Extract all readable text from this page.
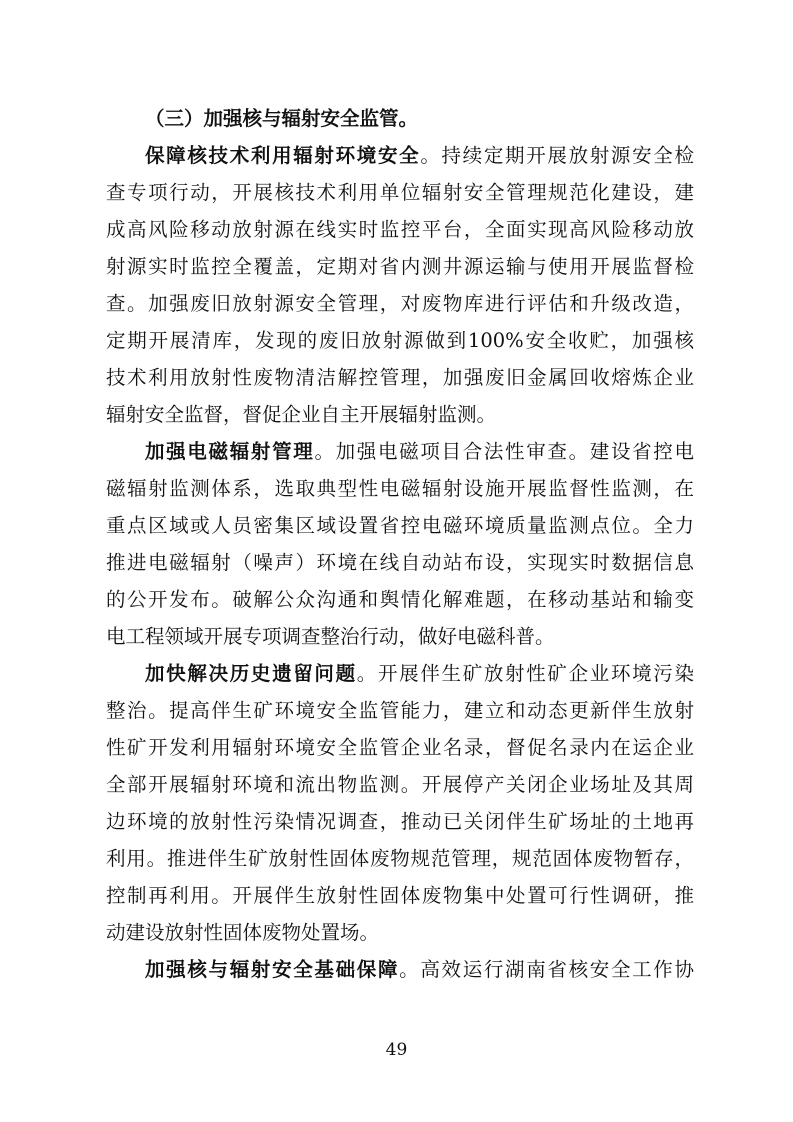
（三）加强核与辐射安全监管。
保障核技术利用辐射环境安全。持续定期开展放射源安全检
查专项行动，开展核技术利用单位辐射安全管理规范化建设，建
成高风险移动放射源在线实时监控平台，全面实现高风险移动放
射源实时监控全覆盖，定期对省内测井源运输与使用开展监督检
查。加强废旧放射源安全管理，对废物库进行评估和升级改造，
定期开展清库，发现的废旧放射源做到100%安全收贮，加强核
技术利用放射性废物清洁解控管理，加强废旧金属回收熔炼企业
辐射安全监督，督促企业自主开展辐射监测。
加强电磁辐射管理。加强电磁项目合法性审查。建设省控电
磁辐射监测体系，选取典型性电磁辐射设施开展监督性监测，在
重点区域或人员密集区域设置省控电磁环境质量监测点位。全力
推进电磁辐射（噪声）环境在线自动站布设，实现实时数据信息
的公开发布。破解公众沟通和舆情化解难题，在移动基站和输变
电工程领域开展专项调查整治行动，做好电磁科普。
加快解决历史遗留问题。开展伴生矿放射性矿企业环境污染
整治。提高伴生矿环境安全监管能力，建立和动态更新伴生放射
性矿开发利用辐射环境安全监管企业名录，督促名录内在运企业
全部开展辐射环境和流出物监测。开展停产关闭企业场址及其周
边环境的放射性污染情况调查，推动已关闭伴生矿场址的土地再
利用。推进伴生矿放射性固体废物规范管理，规范固体废物暂存，
控制再利用。开展伴生放射性固体废物集中处置可行性调研，推
动建设放射性固体废物处置场。
加强核与辐射安全基础保障。高效运行湖南省核安全工作协
49
